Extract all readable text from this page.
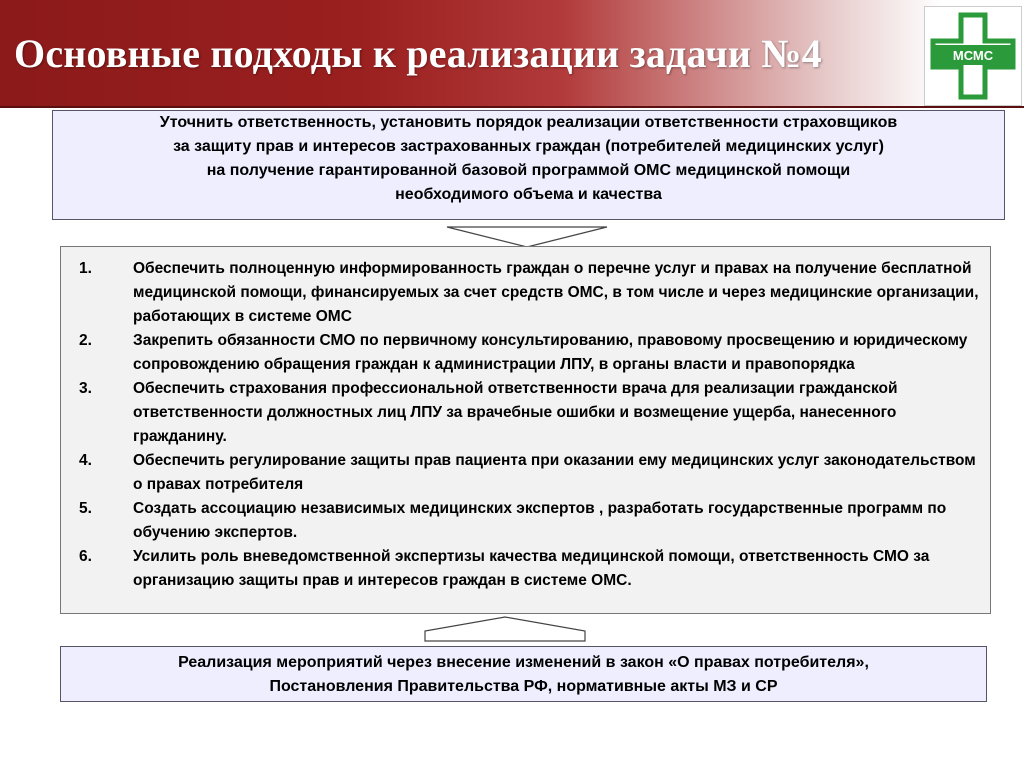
Основные подходы к реализации задачи №4	МСМС
Уточнить ответственность, установить порядок реализации ответственности страховщиков
за защиту прав и интересов застрахованных граждан (потребителей медицинских услуг)
на получение гарантированной базовой программой ОМС медицинской помощи
необходимого объема и качества
1.	Обеспечить полноценную информированность граждан о перечне услуг и правах на получение бесплатной медицинской помощи, финансируемых за счет средств ОМС, в том числе и через медицинские организации, работающих в системе ОМС
2.	Закрепить обязанности СМО по первичному консультированию, правовому просвещению и юридическому сопровождению обращения граждан к администрации ЛПУ, в органы власти и правопорядка
3.	Обеспечить страхования профессиональной ответственности врача для реализации гражданской ответственности должностных лиц ЛПУ за врачебные ошибки и возмещение ущерба, нанесенного гражданину.
4.	Обеспечить регулирование защиты прав пациента при оказании ему медицинских услуг законодательством о правах потребителя
5.	Создать ассоциацию независимых медицинских экспертов , разработать государственные программ по обучению экспертов.
6.	Усилить роль вневедомственной экспертизы качества медицинской помощи, ответственность СМО за организацию защиты прав и интересов граждан в системе ОМС.
Реализация мероприятий через внесение изменений в закон «О правах потребителя»,
Постановления Правительства РФ, нормативные акты МЗ и СР
